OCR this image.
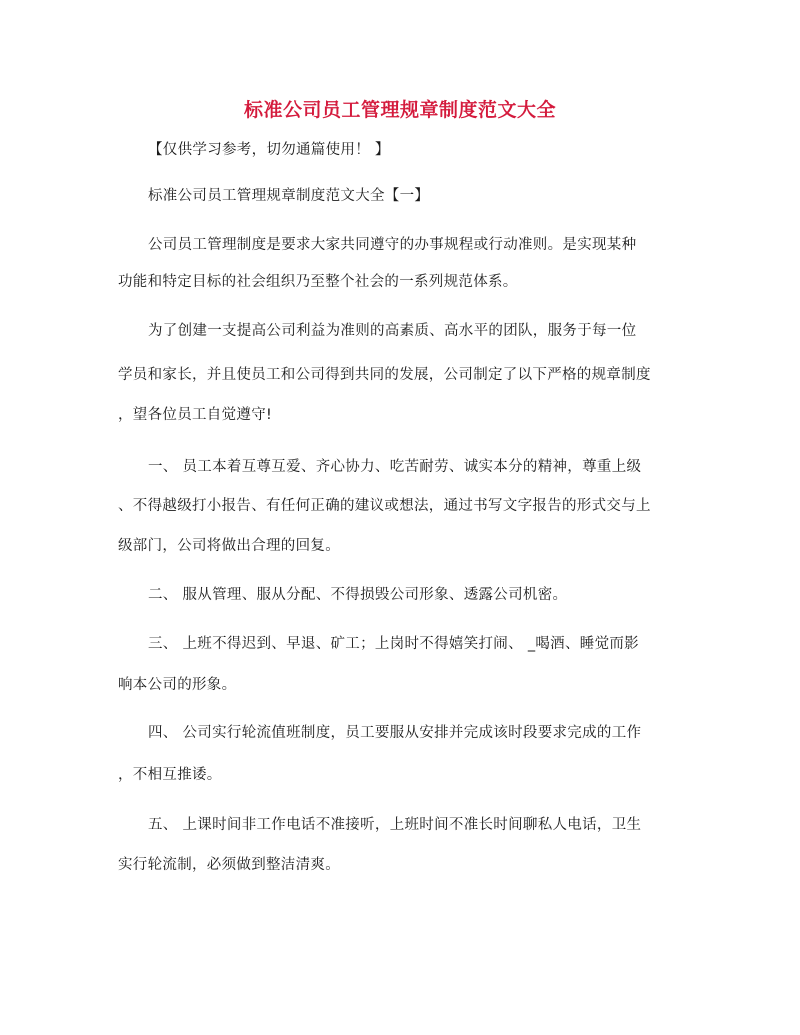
标准公司员工管理规章制度范文大全
【仅供学习参考，切勿通篇使用！ 】
标准公司员工管理规章制度范文大全【一】
公司员工管理制度是要求大家共同遵守的办事规程或行动准则。是实现某种
功能和特定目标的社会组织乃至整个社会的一系列规范体系。
为了创建一支提高公司利益为准则的高素质、高水平的团队，服务于每一位
学员和家长，并且使员工和公司得到共同的发展，公司制定了以下严格的规章制度
，望各位员工自觉遵守!
一、 员工本着互尊互爱、齐心协力、吃苦耐劳、诚实本分的精神，尊重上级
、不得越级打小报告、有任何正确的建议或想法，通过书写文字报告的形式交与上
级部门，公司将做出合理的回复。
二、 服从管理、服从分配、不得损毁公司形象、透露公司机密。
三、 上班不得迟到、早退、矿工；上岗时不得嬉笑打闹、 _喝酒、睡觉而影
响本公司的形象。
四、 公司实行轮流值班制度，员工要服从安排并完成该时段要求完成的工作
，不相互推诿。
五、 上课时间非工作电话不准接听，上班时间不准长时间聊私人电话，卫生
实行轮流制，必须做到整洁清爽。
